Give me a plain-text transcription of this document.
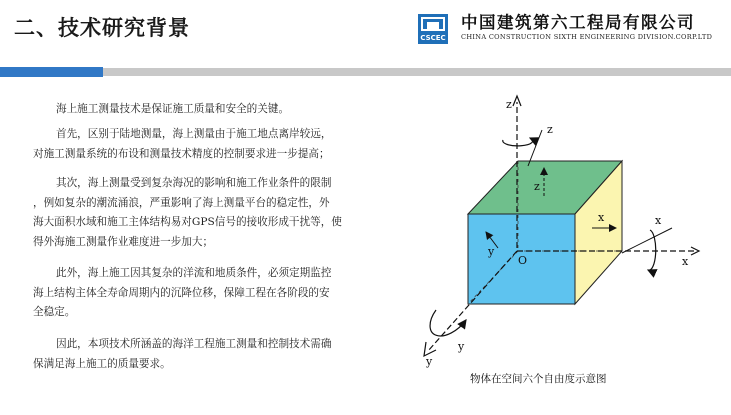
二、技术研究背景	CSCEC
中国建筑第六工程局有限公司
CHINA CONSTRUCTION SIXTH ENGINEERING DIVISION.CORP.LTD
海上施工测量技术是保证施工质量和安全的关键。
首先，区别于陆地测量，海上测量由于施工地点离岸较远，
对施工测量系统的布设和测量技术精度的控制要求进一步提高；
其次，海上测量受到复杂海况的影响和施工作业条件的限制
，例如复杂的潮流涌浪，严重影响了海上测量平台的稳定性，外
海大面积水域和施工主体结构易对GPS信号的接收形成干扰等，使
得外海施工测量作业难度进一步加大；
此外，海上施工因其复杂的洋流和地质条件，必须定期监控
海上结构主体全寿命周期内的沉降位移，保障工程在各阶段的安
全稳定。
因此，本项技术所涵盖的海洋工程施工测量和控制技术需确
保满足海上施工的质量要求。
z
z
z
x
x
x
y
y
y
O
物体在空间六个自由度示意图
